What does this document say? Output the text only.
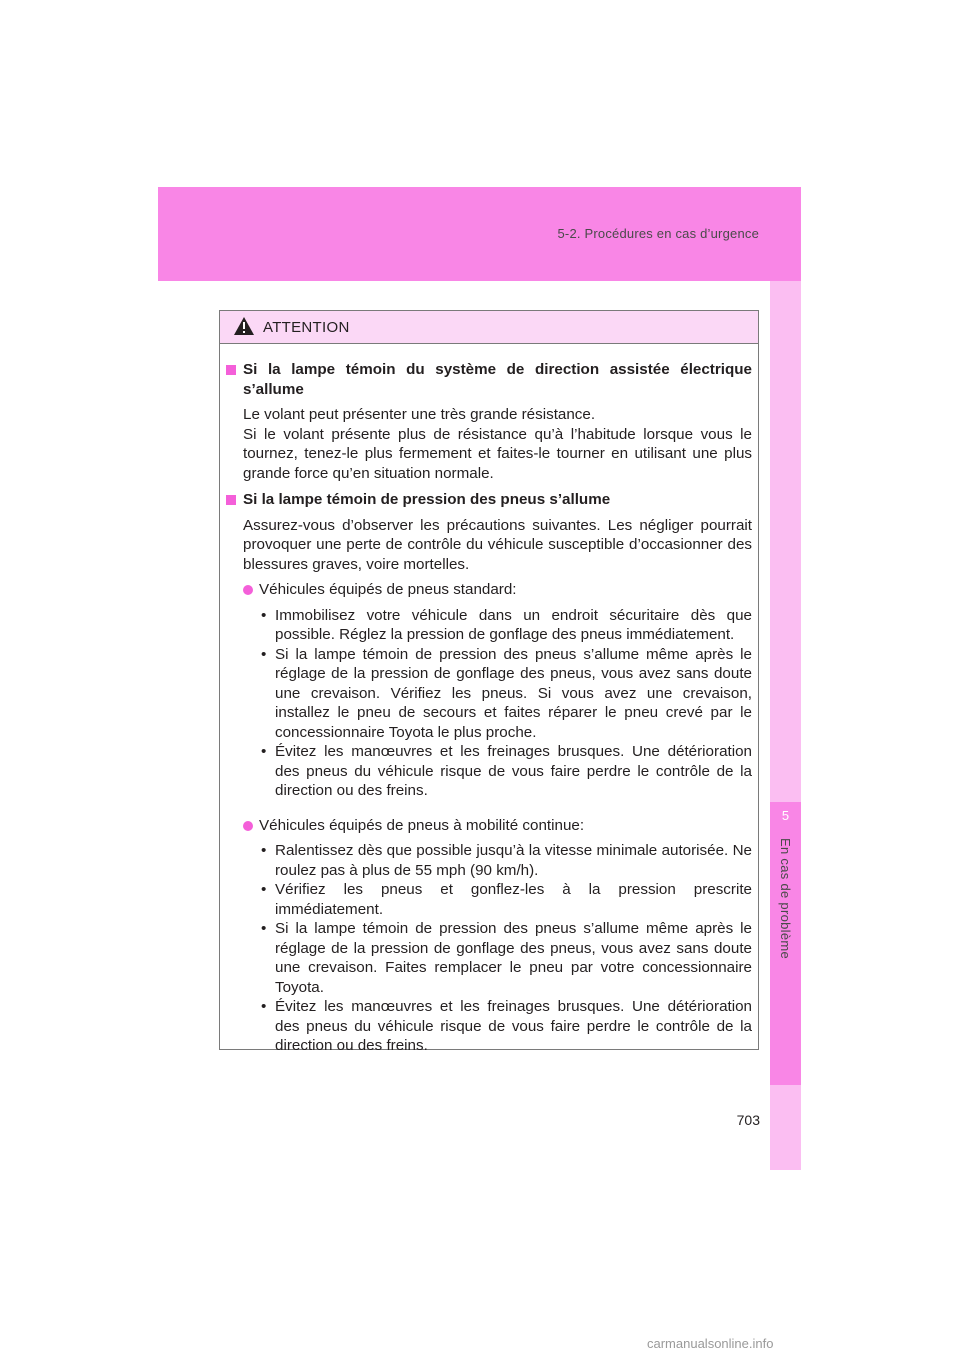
5-2. Procédures en cas d’urgence
5
En cas de problème
ATTENTION
Si la lampe témoin du système de direction assistée électrique s’allume
Le volant peut présenter une très grande résistance.
Si le volant présente plus de résistance qu’à l’habitude lorsque vous le tournez, tenez-le plus fermement et faites-le tourner en utilisant une plus grande force qu’en situation normale.
Si la lampe témoin de pression des pneus s’allume
Assurez-vous d’observer les précautions suivantes. Les négliger pourrait provoquer une perte de contrôle du véhicule susceptible d’occasionner des blessures graves, voire mortelles.
Véhicules équipés de pneus standard:
• Immobilisez votre véhicule dans un endroit sécuritaire dès que possible. Réglez la pression de gonflage des pneus immédiatement.
• Si la lampe témoin de pression des pneus s’allume même après le réglage de la pression de gonflage des pneus, vous avez sans doute une crevaison. Vérifiez les pneus. Si vous avez une crevaison, installez le pneu de secours et faites réparer le pneu crevé par le concessionnaire Toyota le plus proche.
• Évitez les manœuvres et les freinages brusques. Une détérioration des pneus du véhicule risque de vous faire perdre le contrôle de la direction ou des freins.
Véhicules équipés de pneus à mobilité continue:
• Ralentissez dès que possible jusqu’à la vitesse minimale autorisée. Ne roulez pas à plus de 55 mph (90 km/h).
• Vérifiez les pneus et gonflez-les à la pression prescrite immédiatement.
• Si la lampe témoin de pression des pneus s’allume même après le réglage de la pression de gonflage des pneus, vous avez sans doute une crevaison. Faites remplacer le pneu par votre concessionnaire Toyota.
• Évitez les manœuvres et les freinages brusques. Une détérioration des pneus du véhicule risque de vous faire perdre le contrôle de la direction ou des freins.
703
carmanualsonline.info
